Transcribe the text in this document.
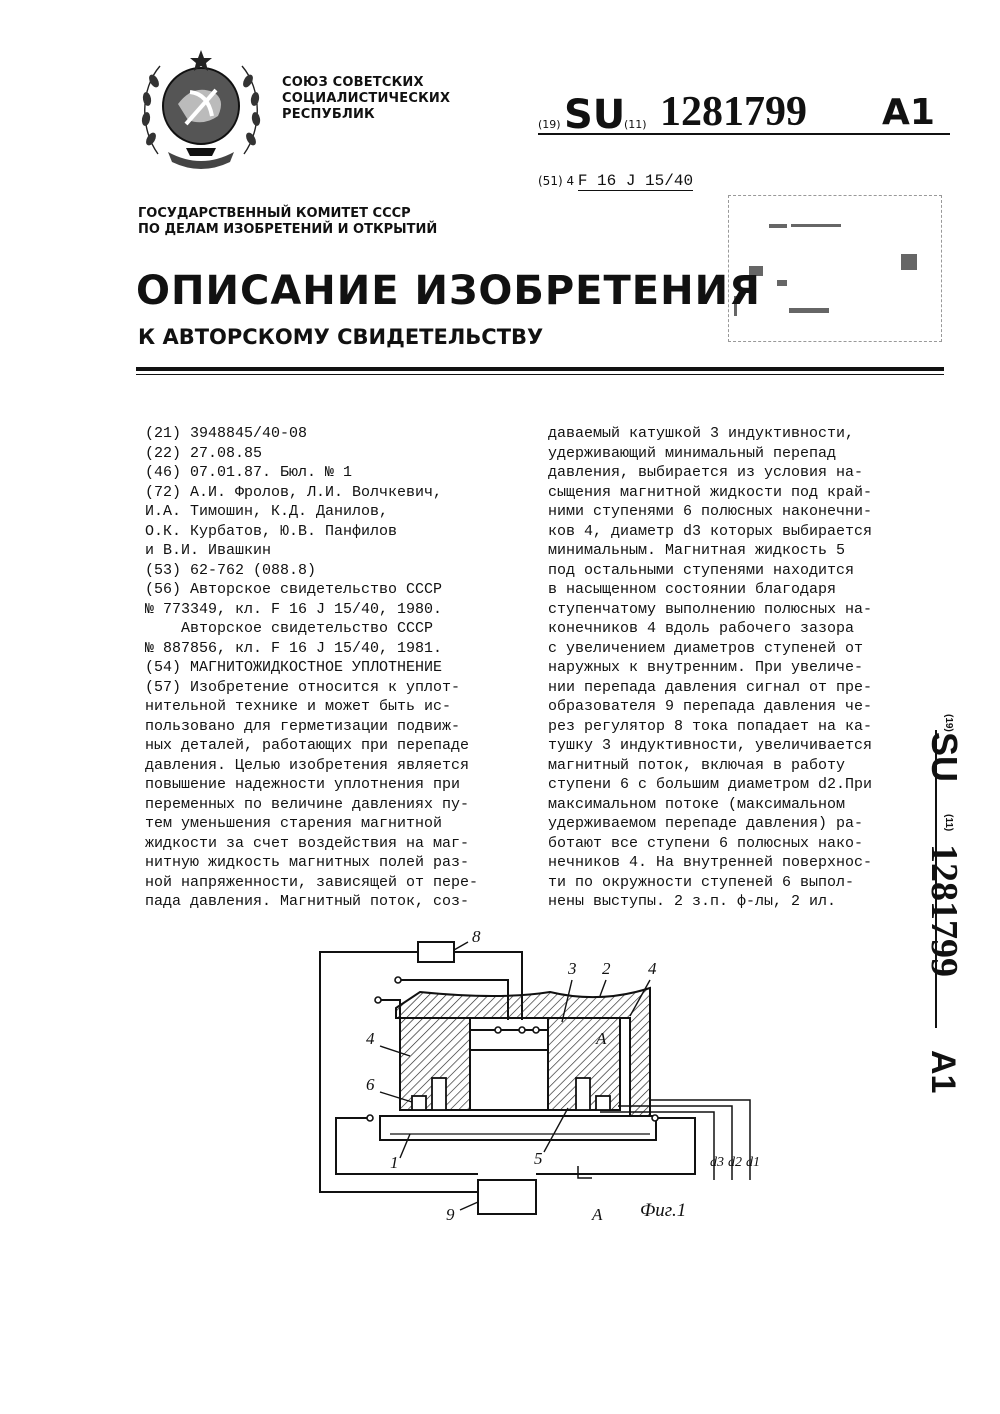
СОЮЗ СОВЕТСКИХ
СОЦИАЛИСТИЧЕСКИХ
РЕСПУБЛИК
(19) SU
(11) 1281799 A1
(51) 4 F 16 J 15/40
ГОСУДАРСТВЕННЫЙ КОМИТЕТ СССР
ПО ДЕЛАМ ИЗОБРЕТЕНИЙ И ОТКРЫТИЙ
ОПИСАНИЕ ИЗОБРЕТЕНИЯ
К АВТОРСКОМУ СВИДЕТЕЛЬСТВУ
(21) 3948845/40-08
(22) 27.08.85
(46) 07.01.87. Бюл. № 1
(72) А.И. Фролов, Л.И. Волчкевич,
И.А. Тимошин, К.Д. Данилов,
О.К. Курбатов, Ю.В. Панфилов
и В.И. Ивашкин
(53) 62-762 (088.8)
(56) Авторское свидетельство СССР
№ 773349, кл. F 16 J 15/40, 1980.
Авторское свидетельство СССР
№ 887856, кл. F 16 J 15/40, 1981.
(54) МАГНИТОЖИДКОСТНОЕ УПЛОТНЕНИЕ
(57) Изобретение относится к уплот-
нительной технике и может быть ис-
пользовано для герметизации подвиж-
ных деталей, работающих при перепаде
давления. Целью изобретения является
повышение надежности уплотнения при
переменных по величине давлениях пу-
тем уменьшения старения магнитной
жидкости за счет воздействия на маг-
нитную жидкость магнитных полей раз-
ной напряженности, зависящей от пере-
пада давления. Магнитный поток, соз-
даваемый катушкой 3 индуктивности,
удерживающий минимальный перепад
давления, выбирается из условия на-
сыщения магнитной жидкости под край-
ними ступенями 6 полюсных наконечни-
ков 4, диаметр d3 которых выбирается
минимальным. Магнитная жидкость 5
под остальными ступенями находится
в насыщенном состоянии благодаря
ступенчатому выполнению полюсных на-
конечников 4 вдоль рабочего зазора
с увеличением диаметров ступеней от
наружных к внутренним. При увеличе-
нии перепада давления сигнал от пре-
образователя 9 перепада давления че-
рез регулятор 8 тока попадает на ка-
тушку 3 индуктивности, увеличивается
магнитный поток, включая в работу
ступени 6 с большим диаметром d2.При
максимальном потоке (максимальном
удерживаемом перепаде давления) ра-
ботают все ступени 6 полюсных нако-
нечников 4. На внутренней поверхнос-
ти по окружности ступеней 6 выпол-
нены выступы. 2 з.п. ф-лы, 2 ил.
(19)
SU
(11)
1281799
A1
8
3 2 4
4
6
A
1	5
9	A
d3 d2 d1
Фиг.1
